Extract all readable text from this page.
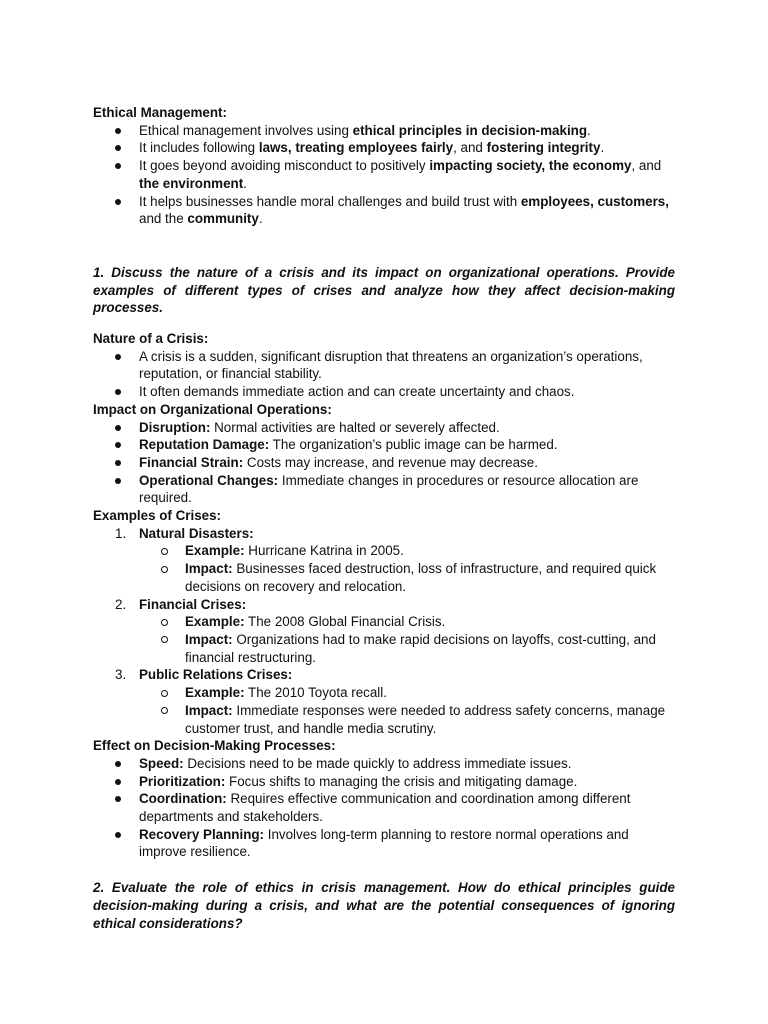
Ethical Management:
Ethical management involves using ethical principles in decision-making.
It includes following laws, treating employees fairly, and fostering integrity.
It goes beyond avoiding misconduct to positively impacting society, the economy, and the environment.
It helps businesses handle moral challenges and build trust with employees, customers, and the community.
1. Discuss the nature of a crisis and its impact on organizational operations. Provide examples of different types of crises and analyze how they affect decision-making processes.
Nature of a Crisis:
A crisis is a sudden, significant disruption that threatens an organization’s operations, reputation, or financial stability.
It often demands immediate action and can create uncertainty and chaos.
Impact on Organizational Operations:
Disruption: Normal activities are halted or severely affected.
Reputation Damage: The organization’s public image can be harmed.
Financial Strain: Costs may increase, and revenue may decrease.
Operational Changes: Immediate changes in procedures or resource allocation are required.
Examples of Crises:
1. Natural Disasters:
Example: Hurricane Katrina in 2005.
Impact: Businesses faced destruction, loss of infrastructure, and required quick decisions on recovery and relocation.
2. Financial Crises:
Example: The 2008 Global Financial Crisis.
Impact: Organizations had to make rapid decisions on layoffs, cost-cutting, and financial restructuring.
3. Public Relations Crises:
Example: The 2010 Toyota recall.
Impact: Immediate responses were needed to address safety concerns, manage customer trust, and handle media scrutiny.
Effect on Decision-Making Processes:
Speed: Decisions need to be made quickly to address immediate issues.
Prioritization: Focus shifts to managing the crisis and mitigating damage.
Coordination: Requires effective communication and coordination among different departments and stakeholders.
Recovery Planning: Involves long-term planning to restore normal operations and improve resilience.
2. Evaluate the role of ethics in crisis management. How do ethical principles guide decision-making during a crisis, and what are the potential consequences of ignoring ethical considerations?
